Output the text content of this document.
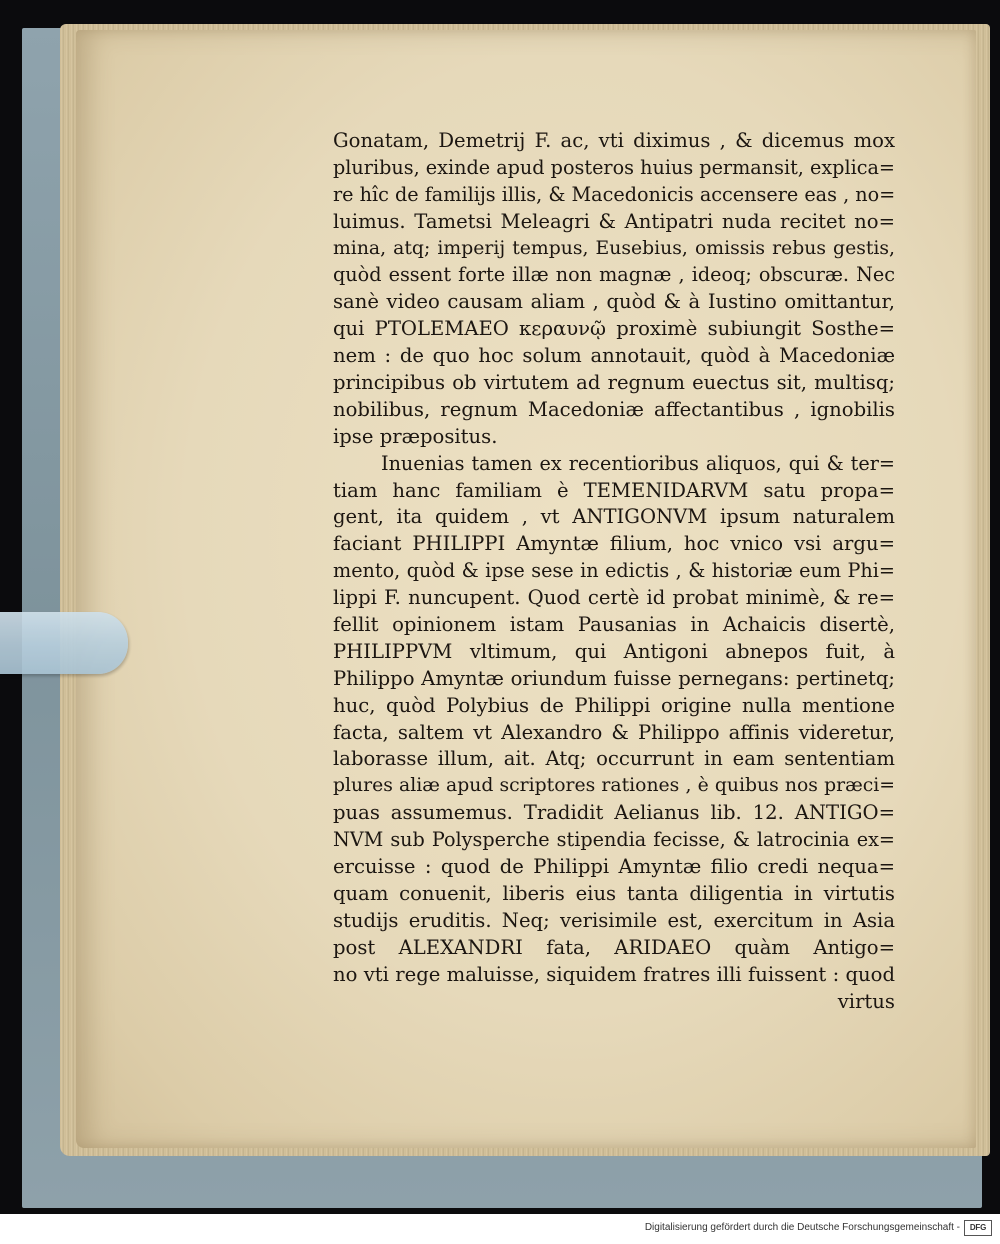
Gonatam, Demetrij F. ac, vti diximus , & dicemus mox
pluribus, exinde apud posteros huius permansit, explica=
re hîc de familijs illis, & Macedonicis accensere eas , no=
luimus. Tametsi Meleagri & Antipatri nuda recitet no=
mina, atq; imperij tempus, Eusebius, omissis rebus gestis,
quòd essent forte illæ non magnæ , ideoq; obscuræ. Nec
sanè video causam aliam , quòd & à Iustino omittantur,
qui PTOLEMAEO κεραυνῷ proximè subiungit Sosthe=
nem : de quo hoc solum annotauit, quòd à Macedoniæ
principibus ob virtutem ad regnum euectus sit, multisq;
nobilibus, regnum Macedoniæ affectantibus , ignobilis
ipse præpositus.
Inuenias tamen ex recentioribus aliquos, qui & ter=
tiam hanc familiam è TEMENIDARVM satu propa=
gent, ita quidem , vt ANTIGONVM ipsum naturalem
faciant PHILIPPI Amyntæ filium, hoc vnico vsi argu=
mento, quòd & ipse sese in edictis , & historiæ eum Phi=
lippi F. nuncupent. Quod certè id probat minimè, & re=
fellit opinionem istam Pausanias in Achaicis disertè,
PHILIPPVM vltimum, qui Antigoni abnepos fuit, à
Philippo Amyntæ oriundum fuisse pernegans: pertinetq;
huc, quòd Polybius de Philippi origine nulla mentione
facta, saltem vt Alexandro & Philippo affinis videretur,
laborasse illum, ait. Atq; occurrunt in eam sententiam
plures aliæ apud scriptores rationes , è quibus nos præci=
puas assumemus. Tradidit Aelianus lib. 12. ANTIGO=
NVM sub Polysperche stipendia fecisse, & latrocinia ex=
ercuisse : quod de Philippi Amyntæ filio credi nequa=
quam conuenit, liberis eius tanta diligentia in virtutis
studijs eruditis. Neq; verisimile est, exercitum in Asia
post ALEXANDRI fata, ARIDAEO quàm Antigo=
no vti rege maluisse, siquidem fratres illi fuissent : quod
virtus
Digitalisierung gefördert durch die Deutsche Forschungsgemeinschaft -	DFG
